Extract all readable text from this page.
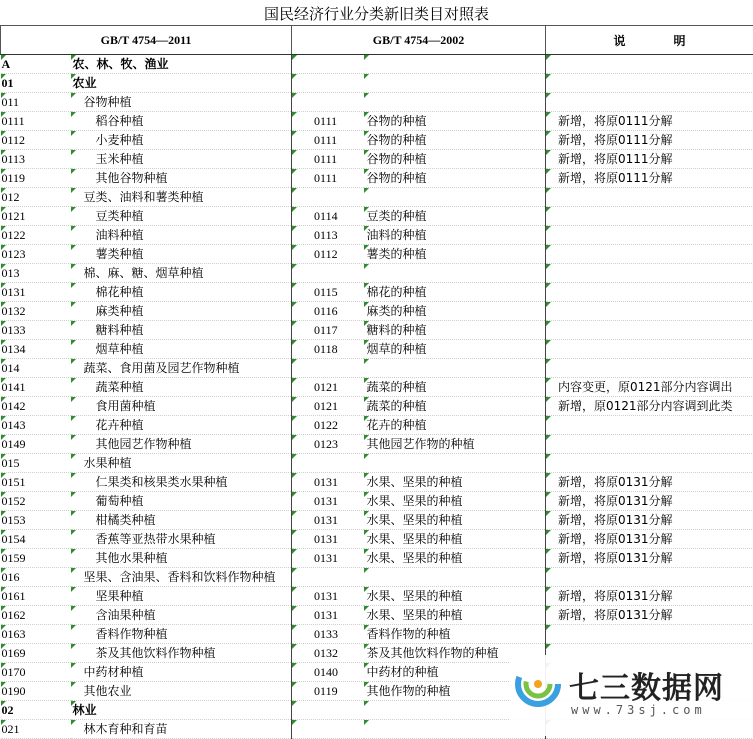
国民经济行业分类新旧类目对照表
GB/T 4754—2011		GB/T 4754—2002		说　　　　明
A	农、林、牧、渔业			
01	农业			
011	谷物种植			
0111	稻谷种植	0111	谷物的种植	新增，将原0111分解
0112	小麦种植	0111	谷物的种植	新增，将原0111分解
0113	玉米种植	0111	谷物的种植	新增，将原0111分解
0119	其他谷物种植	0111	谷物的种植	新增，将原0111分解
012	豆类、油料和薯类种植			
0121	豆类种植	0114	豆类的种植	
0122	油料种植	0113	油料的种植	
0123	薯类种植	0112	薯类的种植	
013	棉、麻、糖、烟草种植			
0131	棉花种植	0115	棉花的种植	
0132	麻类种植	0116	麻类的种植	
0133	糖料种植	0117	糖料的种植	
0134	烟草种植	0118	烟草的种植	
014	蔬菜、食用菌及园艺作物种植			
0141	蔬菜种植	0121	蔬菜的种植	内容变更，原0121部分内容调出
0142	食用菌种植	0121	蔬菜的种植	新增，原0121部分内容调到此类
0143	花卉种植	0122	花卉的种植	
0149	其他园艺作物种植	0123	其他园艺作物的种植	
015	水果种植			
0151	仁果类和核果类水果种植	0131	水果、坚果的种植	新增，将原0131分解
0152	葡萄种植	0131	水果、坚果的种植	新增，将原0131分解
0153	柑橘类种植	0131	水果、坚果的种植	新增，将原0131分解
0154	香蕉等亚热带水果种植	0131	水果、坚果的种植	新增，将原0131分解
0159	其他水果种植	0131	水果、坚果的种植	新增，将原0131分解
016	坚果、含油果、香料和饮料作物种植			
0161	坚果种植	0131	水果、坚果的种植	新增，将原0131分解
0162	含油果种植	0131	水果、坚果的种植	新增，将原0131分解
0163	香料作物种植	0133	香料作物的种植	
0169	茶及其他饮料作物种植	0132	茶及其他饮料作物的种植	
0170	中药材种植	0140	中药材的种植	
0190	其他农业	0119	其他作物的种植	
02	林业			
021	林木育种和育苗			
七三数据网
www.73sj.com
